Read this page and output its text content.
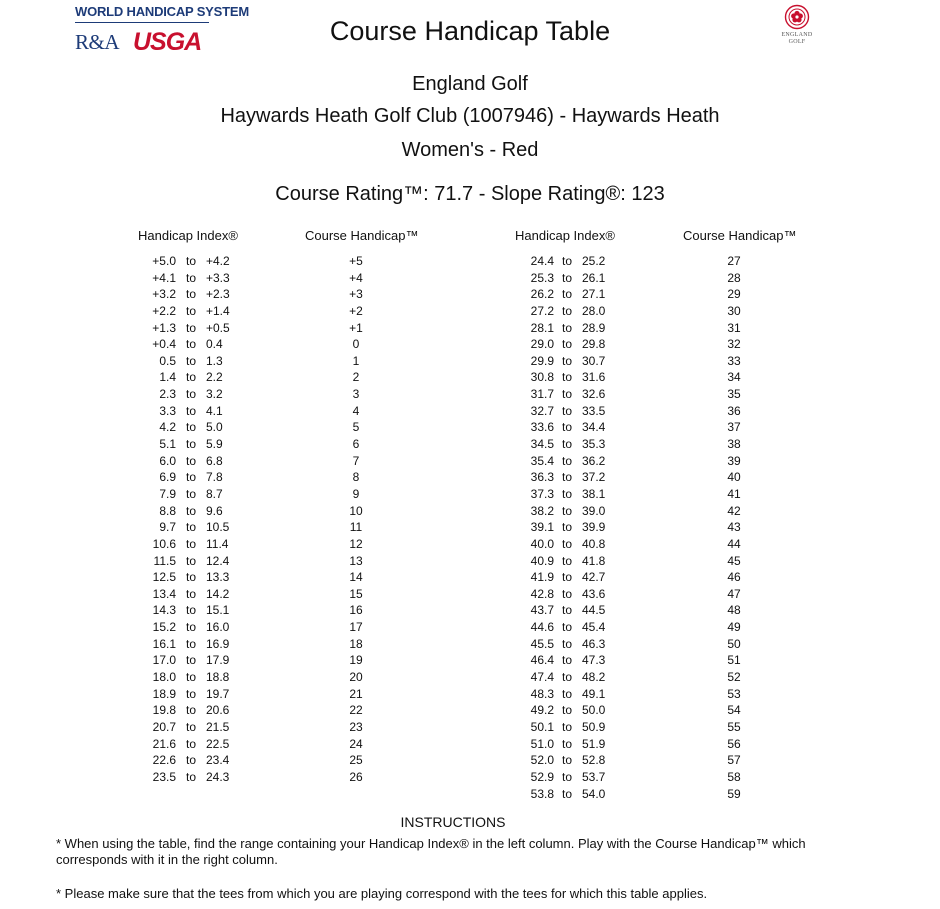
WORLD HANDICAP SYSTEM
R&A USGA	ENGLAND
GOLF
Course Handicap Table
England Golf
Haywards Heath Golf Club (1007946) - Haywards Heath
Women's - Red
Course Rating™: 71.7 - Slope Rating®: 123
Handicap Index®	Course Handicap™	Handicap Index®	Course Handicap™
+5.0 to +4.2	+5
+4.1 to +3.3	+4
+3.2 to +2.3	+3
+2.2 to +1.4	+2
+1.3 to +0.5	+1
+0.4 to 0.4	0
0.5 to 1.3	1
1.4 to 2.2	2
2.3 to 3.2	3
3.3 to 4.1	4
4.2 to 5.0	5
5.1 to 5.9	6
6.0 to 6.8	7
6.9 to 7.8	8
7.9 to 8.7	9
8.8 to 9.6	10
9.7 to 10.5	11
10.6 to 11.4	12
11.5 to 12.4	13
12.5 to 13.3	14
13.4 to 14.2	15
14.3 to 15.1	16
15.2 to 16.0	17
16.1 to 16.9	18
17.0 to 17.9	19
18.0 to 18.8	20
18.9 to 19.7	21
19.8 to 20.6	22
20.7 to 21.5	23
21.6 to 22.5	24
22.6 to 23.4	25
23.5 to 24.3	26
24.4 to 25.2	27
25.3 to 26.1	28
26.2 to 27.1	29
27.2 to 28.0	30
28.1 to 28.9	31
29.0 to 29.8	32
29.9 to 30.7	33
30.8 to 31.6	34
31.7 to 32.6	35
32.7 to 33.5	36
33.6 to 34.4	37
34.5 to 35.3	38
35.4 to 36.2	39
36.3 to 37.2	40
37.3 to 38.1	41
38.2 to 39.0	42
39.1 to 39.9	43
40.0 to 40.8	44
40.9 to 41.8	45
41.9 to 42.7	46
42.8 to 43.6	47
43.7 to 44.5	48
44.6 to 45.4	49
45.5 to 46.3	50
46.4 to 47.3	51
47.4 to 48.2	52
48.3 to 49.1	53
49.2 to 50.0	54
50.1 to 50.9	55
51.0 to 51.9	56
52.0 to 52.8	57
52.9 to 53.7	58
53.8 to 54.0	59
INSTRUCTIONS
* When using the table, find the range containing your Handicap Index® in the left column. Play with the Course Handicap™ which corresponds with it in the right column.
* Please make sure that the tees from which you are playing correspond with the tees for which this table applies.
